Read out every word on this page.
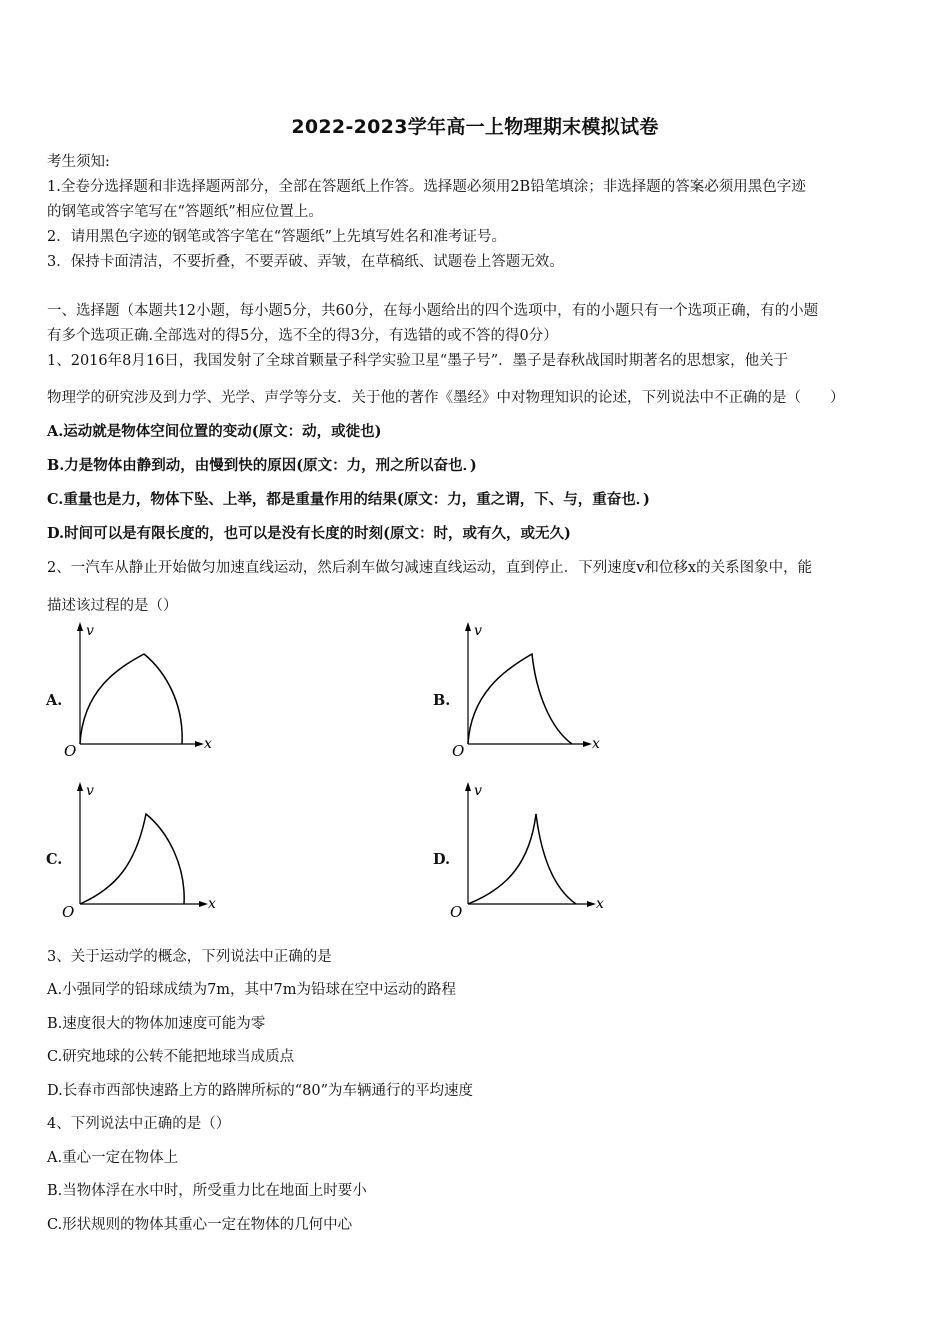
2022-2023学年高一上物理期末模拟试卷
考生须知:
1.全卷分选择题和非选择题两部分，全部在答题纸上作答。选择题必须用2B铅笔填涂；非选择题的答案必须用黑色字迹
的钢笔或答字笔写在“答题纸”相应位置上。
2．请用黑色字迹的钢笔或答字笔在“答题纸”上先填写姓名和准考证号。
3．保持卡面清洁，不要折叠，不要弄破、弄皱，在草稿纸、试题卷上答题无效。
一、选择题（本题共12小题，每小题5分，共60分，在每小题给出的四个选项中，有的小题只有一个选项正确，有的小题
有多个选项正确.全部选对的得5分，选不全的得3分，有选错的或不答的得0分）
1、2016年8月16日，我国发射了全球首颗量子科学实验卫星“墨子号”．墨子是春秋战国时期著名的思想家，他关于
物理学的研究涉及到力学、光学、声学等分支．关于他的著作《墨经》中对物理知识的论述，下列说法中不正确的是（　　）
A.运动就是物体空间位置的变动(原文：动，或徙也)
B.力是物体由静到动，由慢到快的原因(原文：力，刑之所以奋也．)
C.重量也是力，物体下坠、上举，都是重量作用的结果(原文：力，重之谓，下、与，重奋也．)
D.时间可以是有限长度的，也可以是没有长度的时刻(原文：时，或有久，或无久)
2、一汽车从静止开始做匀加速直线运动，然后刹车做匀减速直线运动，直到停止．下列速度v和位移x的关系图象中，能
描述该过程的是（）
A.
v
x
O
B.
v
x
O
C.
v
x
O
D.
v
x
O
3、关于运动学的概念，下列说法中正确的是
A.小强同学的铅球成绩为7m，其中7m为铅球在空中运动的路程
B.速度很大的物体加速度可能为零
C.研究地球的公转不能把地球当成质点
D.长春市西部快速路上方的路牌所标的“80”为车辆通行的平均速度
4、下列说法中正确的是（）
A.重心一定在物体上
B.当物体浮在水中时，所受重力比在地面上时要小
C.形状规则的物体其重心一定在物体的几何中心
